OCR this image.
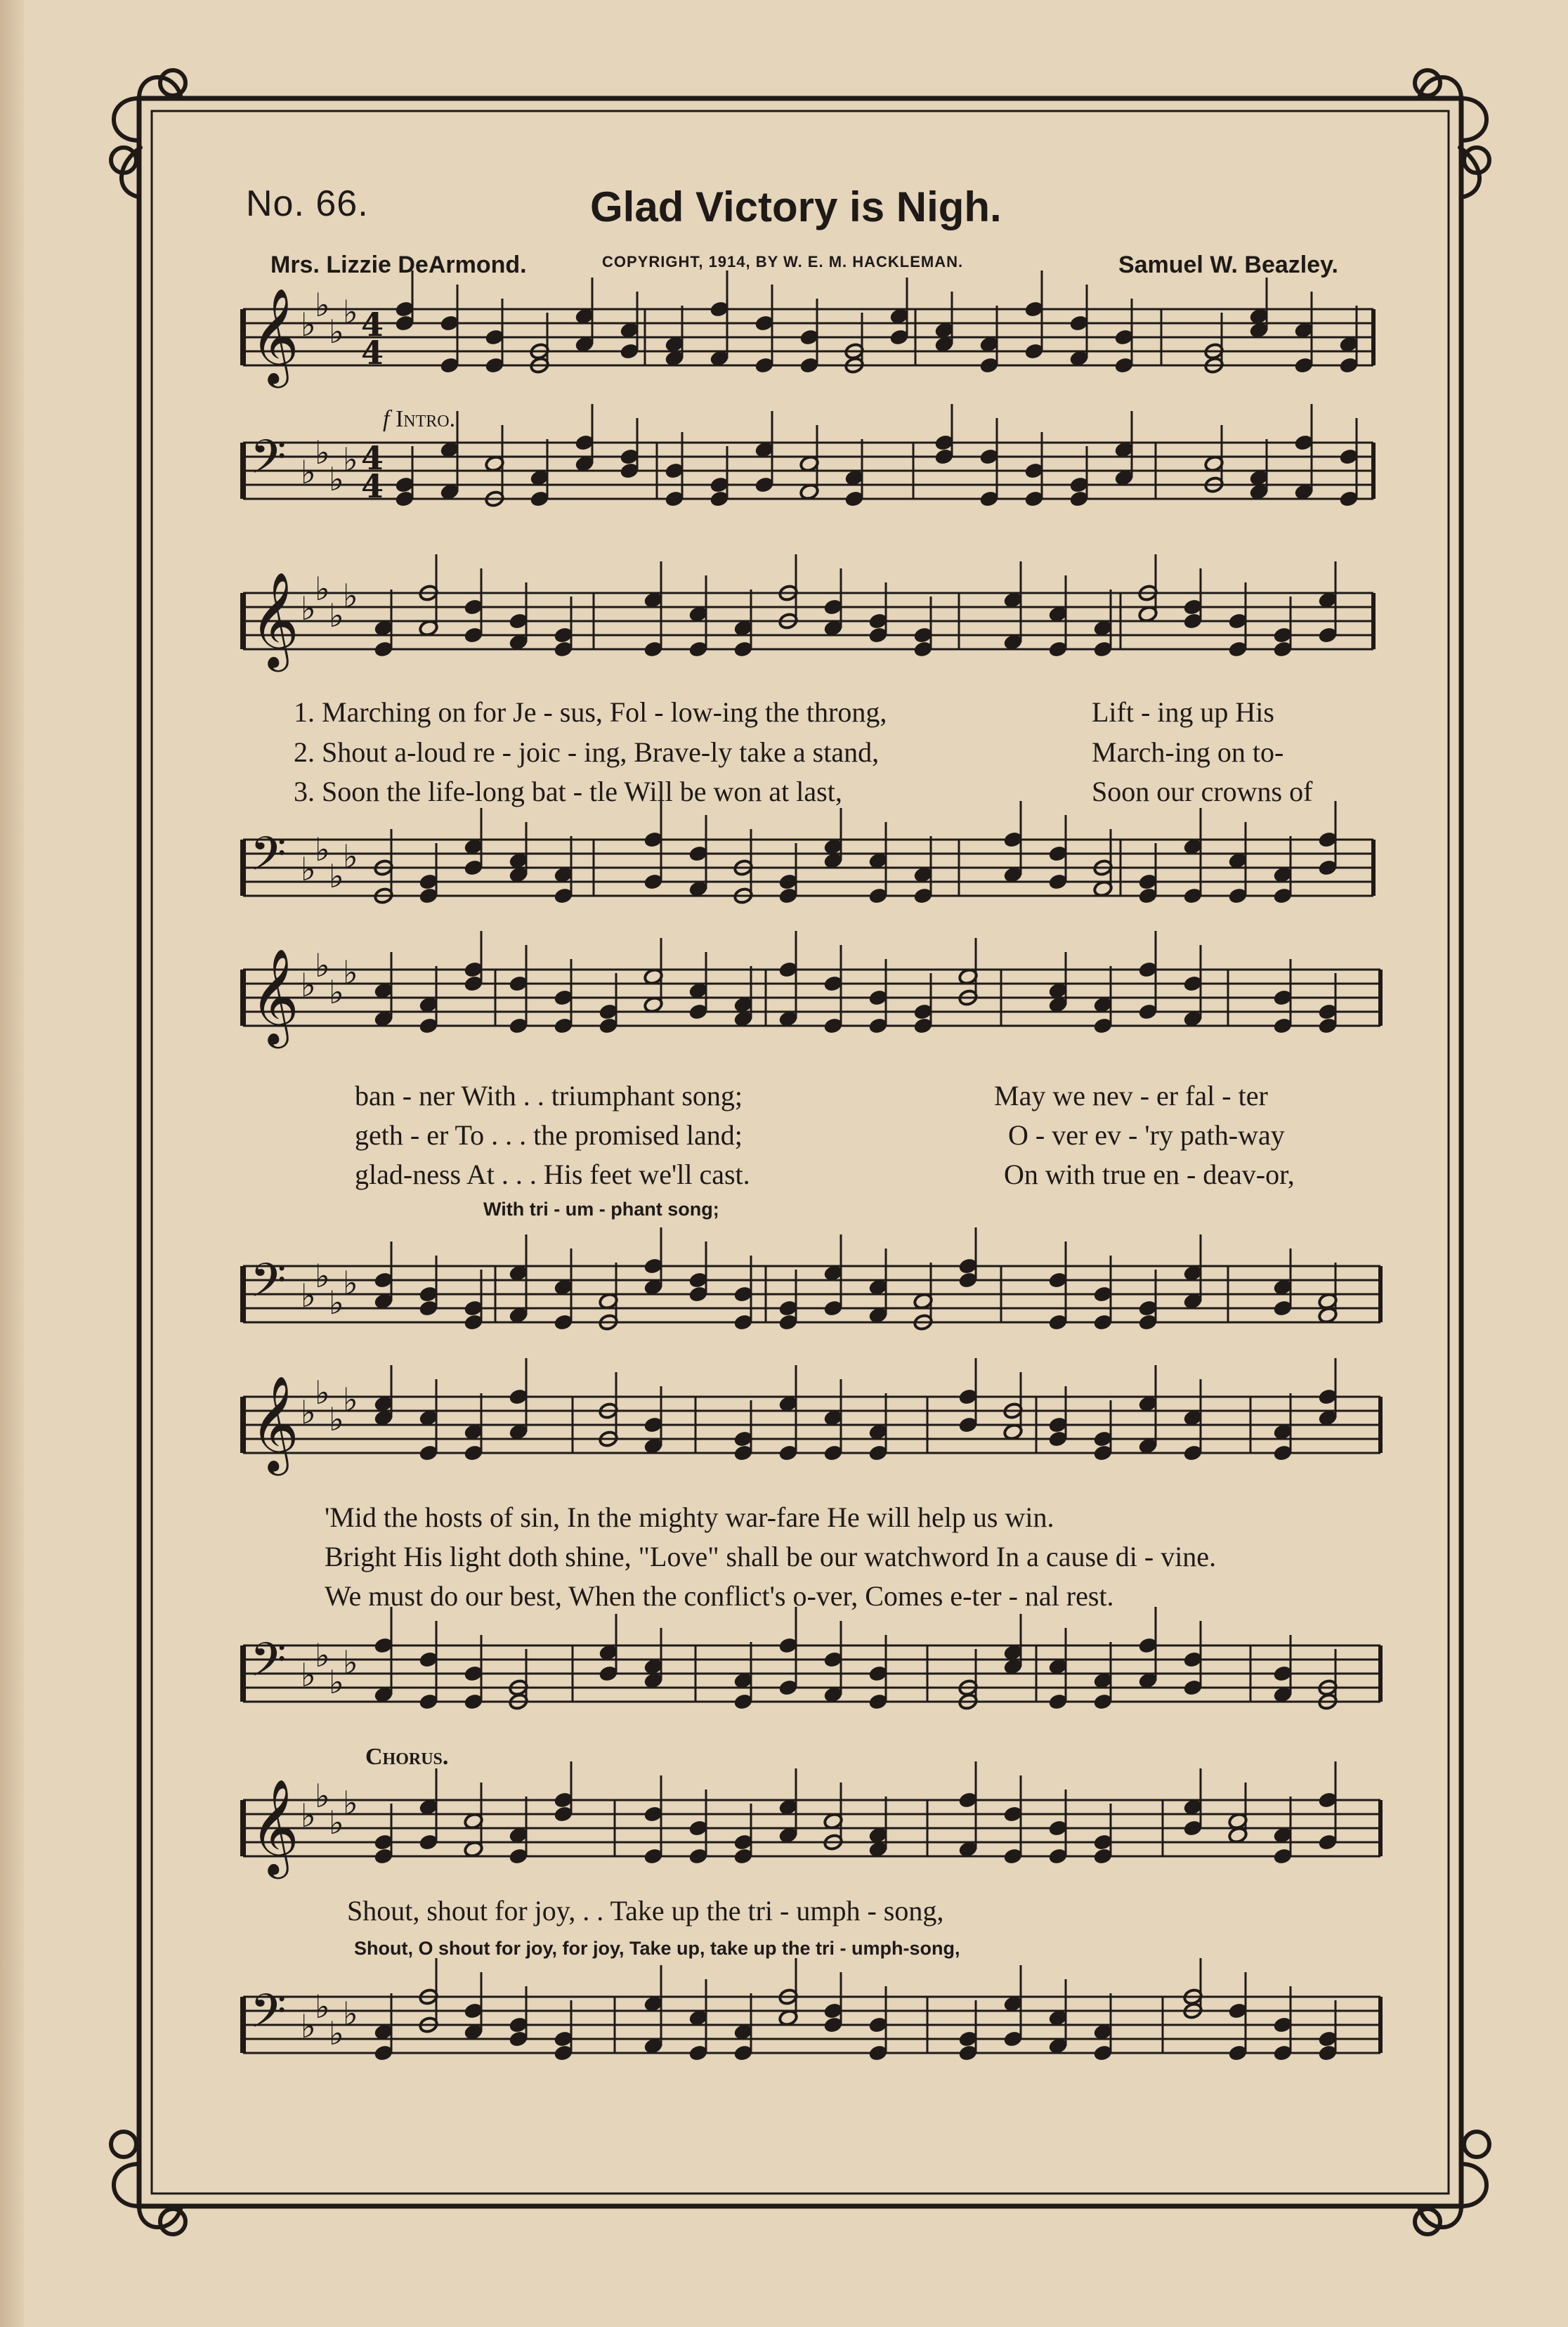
No. 66.	Glad Victory is Nigh.
Mrs. Lizzie DeArmond.	COPYRIGHT, 1914, BY W. E. M. HACKLEMAN.	Samuel W. Beazley.
𝄞 ♭
♭
♭
♭ 4
4
𝄢 ♭
♭
♭
♭ 4
4
𝄞 ♭
♭
♭
♭
𝄢 ♭
♭
♭
♭
𝄞 ♭
♭
♭
♭
𝄢 ♭
♭
♭
♭
𝄞 ♭
♭
♭
♭
𝄢 ♭
♭
♭
♭
𝄞 ♭
♭
♭
♭
𝄢 ♭
♭
♭
♭
f Intro.
Chorus.
1. Marching on for Je - sus, Fol - low-ing the throng,	Lift - ing up His
2. Shout a-loud re - joic - ing, Brave-ly take a stand,	March-ing on to-
3. Soon the life-long bat - tle Will be won at last,	Soon our crowns of
ban - ner With . . triumphant song;	May we nev - er fal - ter
geth - er To . . . the promised land;	O - ver ev - 'ry path-way
glad-ness At . . . His feet we'll cast.	On with true en - deav-or,
With tri - um - phant song;
'Mid the hosts of sin, In the mighty war-fare He will help us win.
Bright His light doth shine, "Love" shall be our watchword In a cause di - vine.
We must do our best, When the conflict's o-ver, Comes e-ter - nal rest.
Shout, shout for joy, . . Take up the tri - umph - song,
Shout, O shout for joy, for joy, Take up, take up the tri - umph-song,
